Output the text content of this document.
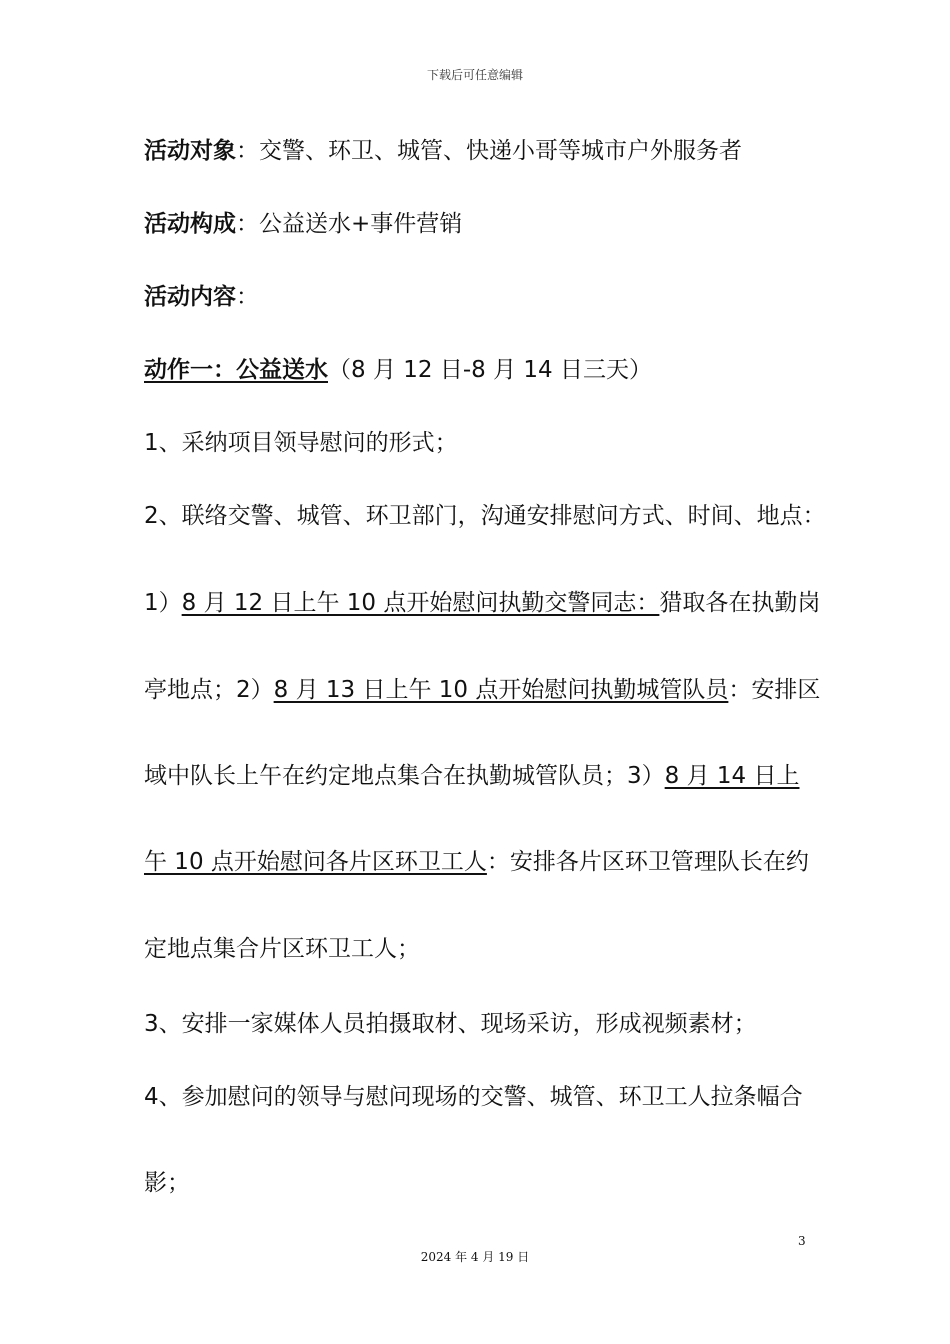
下载后可任意编辑
活动对象：交警、环卫、城管、快递小哥等城市户外服务者
活动构成：公益送水+事件营销
活动内容：
动作一：公益送水（8 月 12 日-8 月 14 日三天）
1、采纳项目领导慰问的形式；
2、联络交警、城管、环卫部门，沟通安排慰问方式、时间、地点：
1）8 月 12 日上午 10 点开始慰问执勤交警同志：猎取各在执勤岗
亭地点；2）8 月 13 日上午 10 点开始慰问执勤城管队员：安排区
域中队长上午在约定地点集合在执勤城管队员；3）8 月 14 日上
午 10 点开始慰问各片区环卫工人：安排各片区环卫管理队长在约
定地点集合片区环卫工人；
3、安排一家媒体人员拍摄取材、现场采访，形成视频素材；
4、参加慰问的领导与慰问现场的交警、城管、环卫工人拉条幅合
影；
3
2024 年 4 月 19 日
